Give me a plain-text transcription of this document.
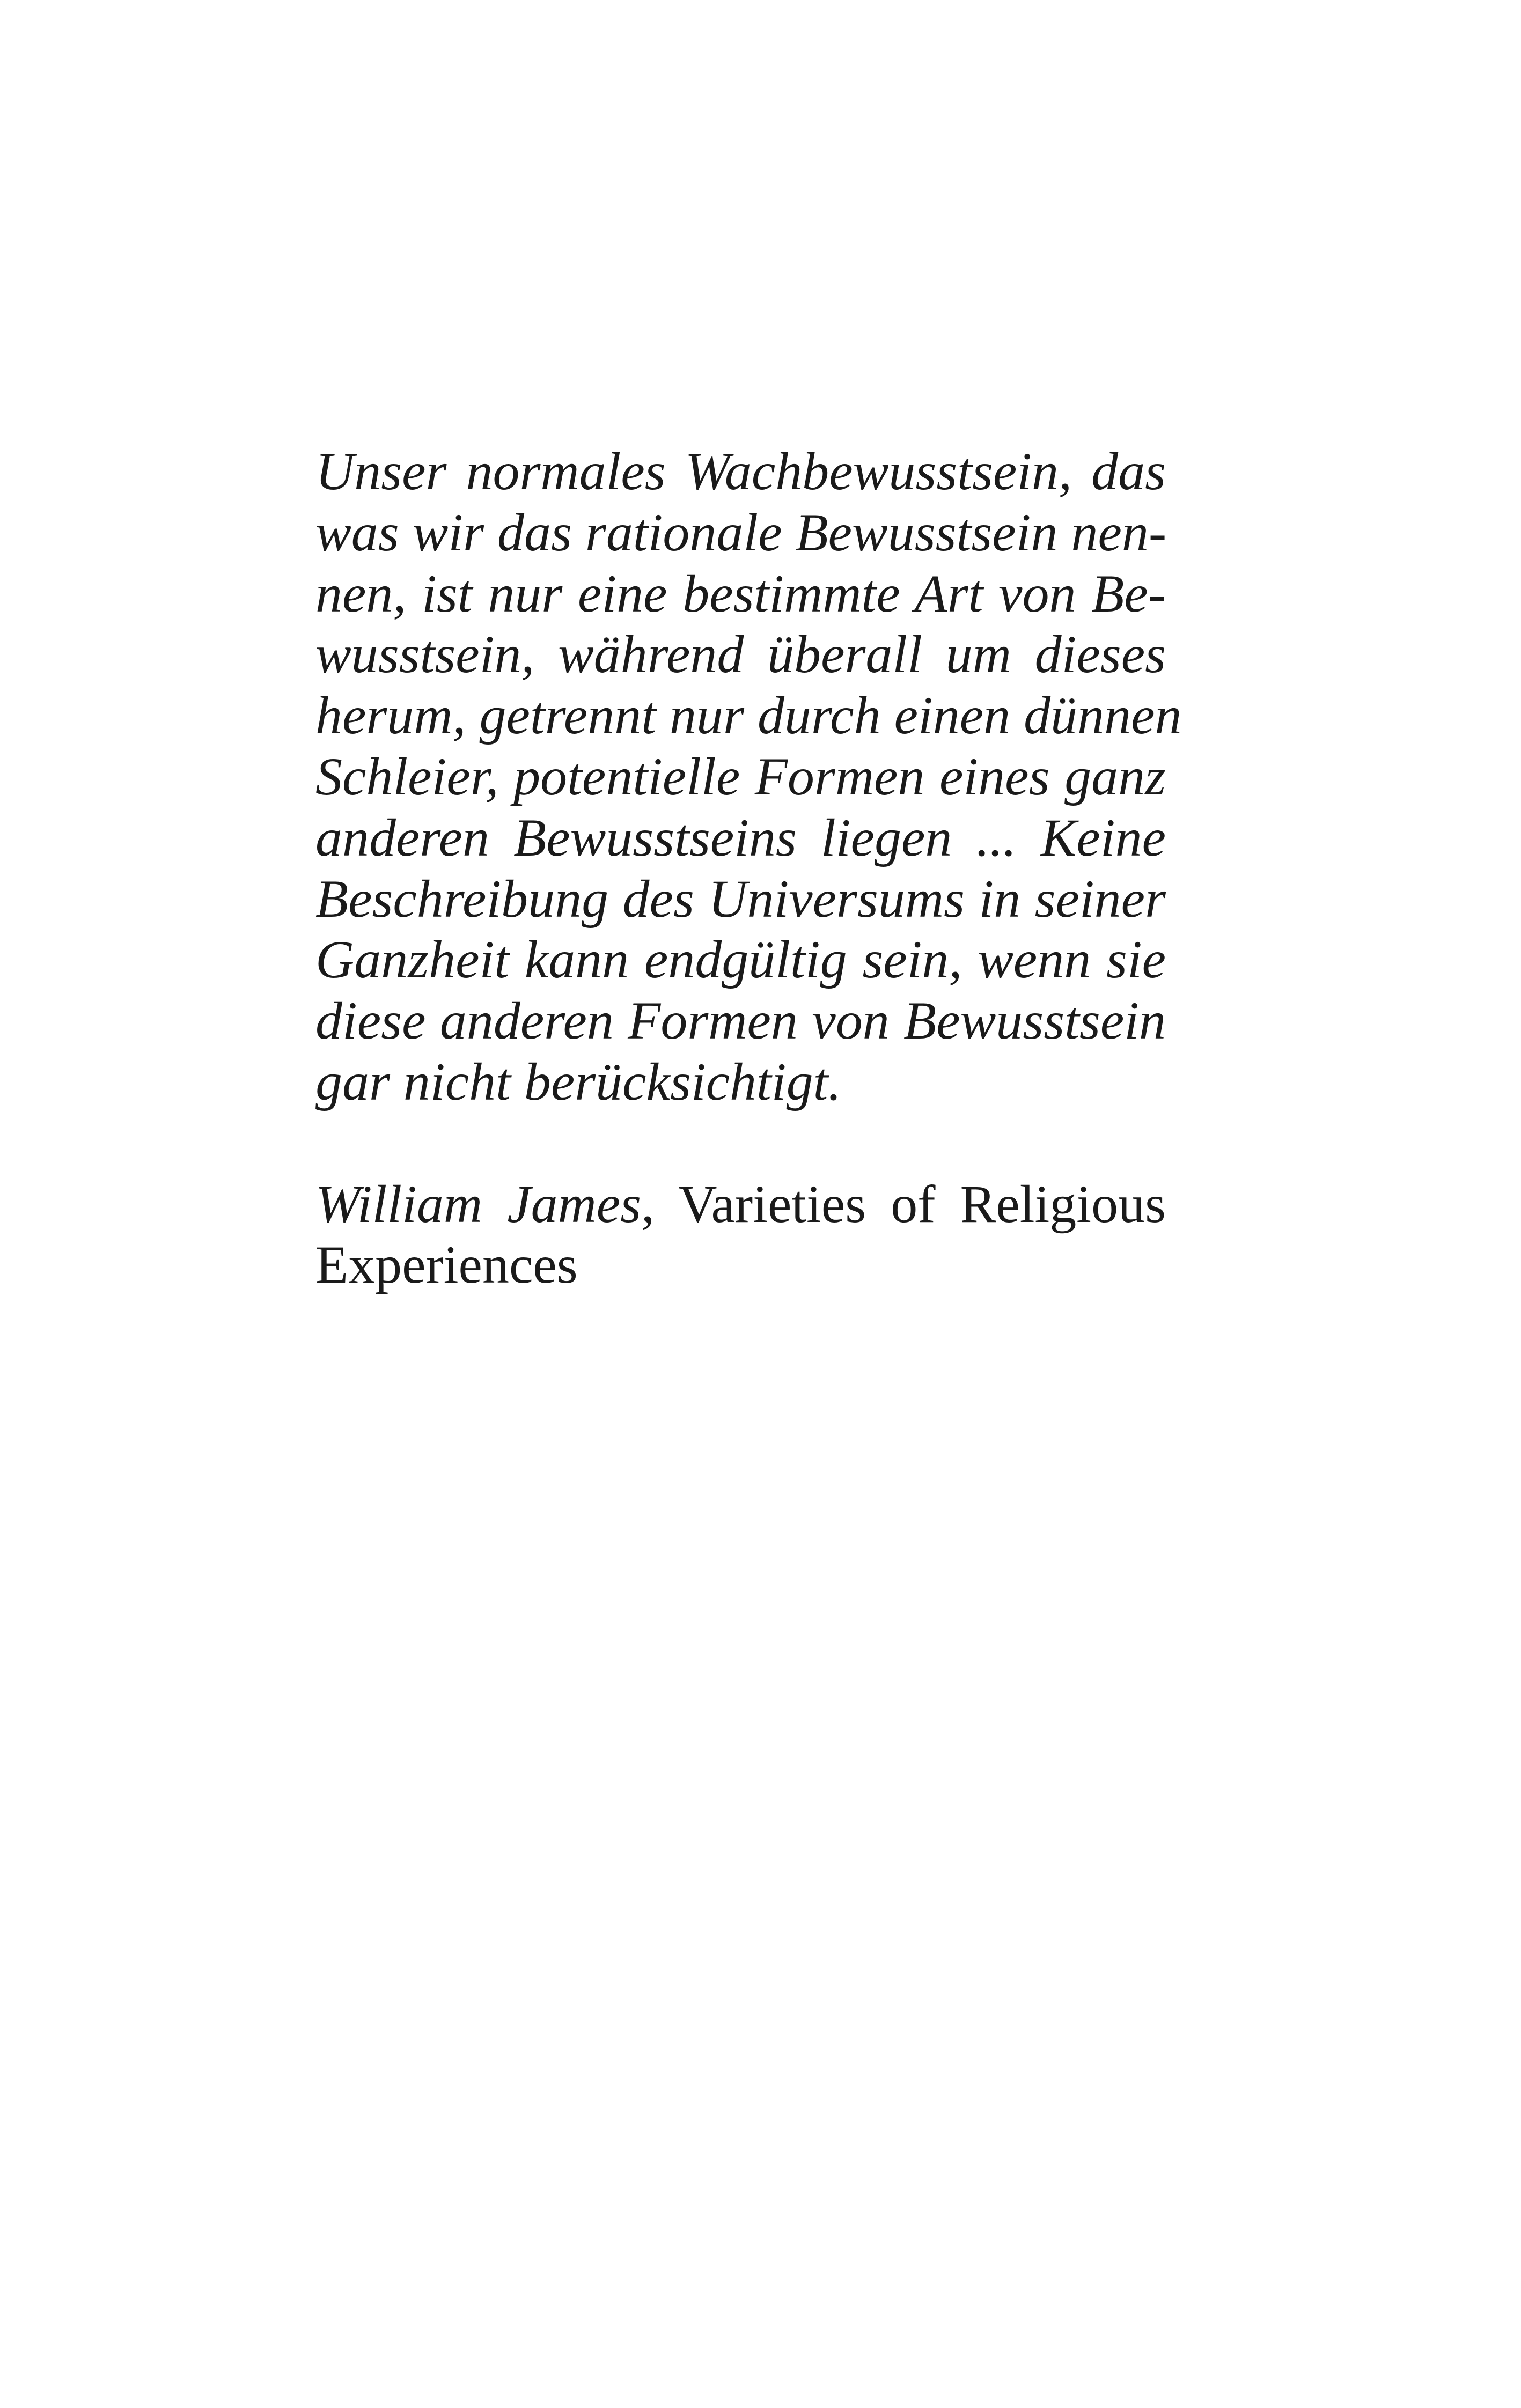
Unser normales Wachbewusstsein, das
was wir das rationale Bewusstsein nen-
nen, ist nur eine bestimmte Art von Be-
wusstsein, während überall um dieses
herum, getrennt nur durch einen dünnen
Schleier, potentielle Formen eines ganz
anderen Bewusstseins liegen ... Keine
Beschreibung des Universums in seiner
Ganzheit kann endgültig sein, wenn sie
diese anderen Formen von Bewusstsein
gar nicht berücksichtigt.
William James, Varieties of Religious
Experiences
